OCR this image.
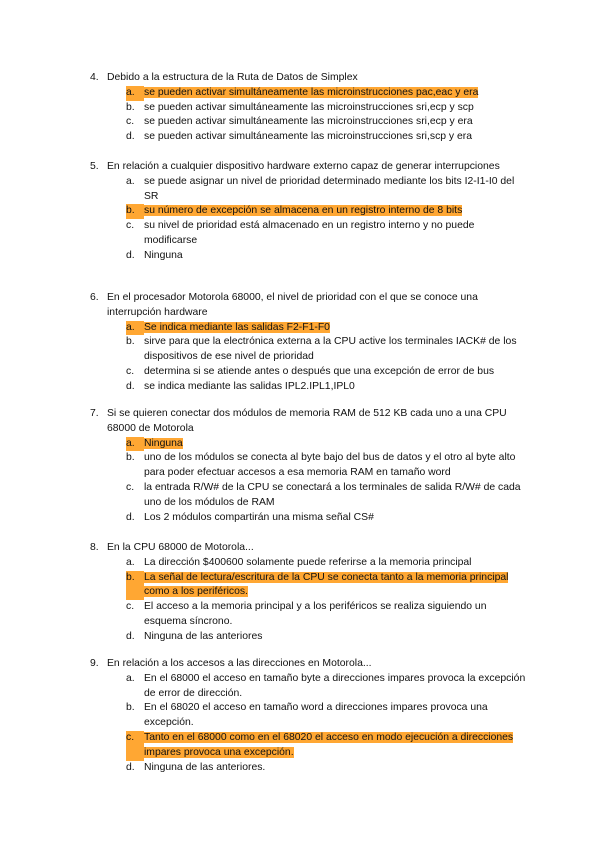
4. Debido a la estructura de la Ruta de Datos de Simplex
a. se pueden activar simultáneamente las microinstrucciones pac,eac y era
b. se pueden activar simultáneamente las microinstrucciones sri,ecp y scp
c. se pueden activar simultáneamente las microinstrucciones sri,ecp y era
d. se pueden activar simultáneamente las microinstrucciones sri,scp y era
5. En relación a cualquier dispositivo hardware externo capaz de generar interrupciones
a. se puede asignar un nivel de prioridad determinado mediante los bits I2-I1-I0 del SR
b. su número de excepción se almacena en un registro interno de 8 bits
c. su nivel de prioridad está almacenado en un registro interno y no puede modificarse
d. Ninguna
6. En el procesador Motorola 68000, el nivel de prioridad con el que se conoce una interrupción hardware
a. Se indica mediante las salidas F2-F1-F0
b. sirve para que la electrónica externa a la CPU active los terminales IACK# de los dispositivos de ese nivel de prioridad
c. determina si se atiende antes o después que una excepción de error de bus
d. se indica mediante las salidas IPL2.IPL1,IPL0
7. Si se quieren conectar dos módulos de memoria RAM de 512 KB cada uno a una CPU 68000 de Motorola
a. Ninguna
b. uno de los módulos se conecta al byte bajo del bus de datos y el otro al byte alto para poder efectuar accesos a esa memoria RAM en tamaño word
c. la entrada R/W# de la CPU se conectará a los terminales de salida R/W# de cada uno de los módulos de RAM
d. Los 2 módulos compartirán una misma señal CS#
8. En la CPU 68000 de Motorola...
a. La dirección $400600 solamente puede referirse a la memoria principal
b. La señal de lectura/escritura de la CPU se conecta tanto a la memoria principal como a los periféricos.
c. El acceso a la memoria principal y a los periféricos se realiza siguiendo un esquema síncrono.
d. Ninguna de las anteriores
9. En relación a los accesos a las direcciones en Motorola...
a. En el 68000 el acceso en tamaño byte a direcciones impares provoca la excepción de error de dirección.
b. En el 68020 el acceso en tamaño word a direcciones impares provoca una excepción.
c. Tanto en el 68000 como en el 68020 el acceso en modo ejecución a direcciones impares provoca una excepción.
d. Ninguna de las anteriores.
